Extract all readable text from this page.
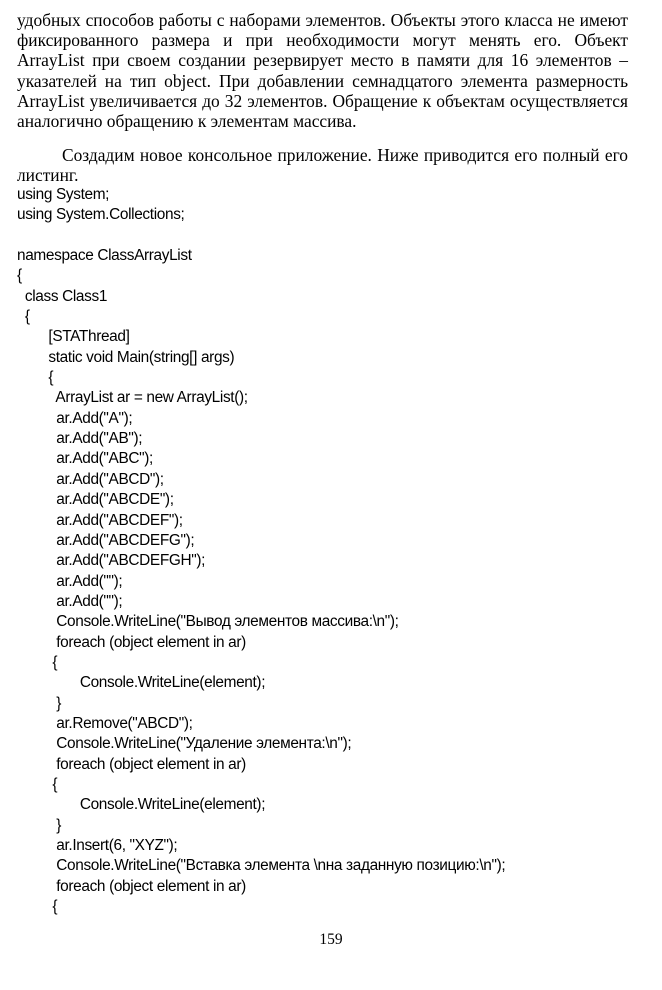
удобных способов работы с наборами элементов. Объекты этого класса не имеют фиксированного размера и при необходимости могут менять его. Объект ArrayList при своем создании резервирует место в памяти для 16 элементов – указателей на тип object. При добавлении семнадцатого элемента размерность ArrayList увеличивается до 32 элементов. Обращение к объектам осуществляется аналогично обращению к элементам массива.

Создадим новое консольное приложение. Ниже приводится его полный его листинг.

using System;
using System.Collections;
namespace ClassArrayList
{
class Class1
{
[STAThread]
static void Main(string[] args)
{
ArrayList ar = new ArrayList();
ar.Add("A");
ar.Add("AB");
ar.Add("ABC");
ar.Add("ABCD");
ar.Add("ABCDE");
ar.Add("ABCDEF");
ar.Add("ABCDEFG");
ar.Add("ABCDEFGH");
ar.Add("");
ar.Add("");
Console.WriteLine("Вывод элементов массива:\n");
foreach (object element in ar)
{
Console.WriteLine(element);
}
ar.Remove("ABCD");
Console.WriteLine("Удаление элемента:\n");
foreach (object element in ar)
{
Console.WriteLine(element);
}
ar.Insert(6, "XYZ");
Console.WriteLine("Вставка элемента \nна заданную позицию:\n");
foreach (object element in ar)
{
159
